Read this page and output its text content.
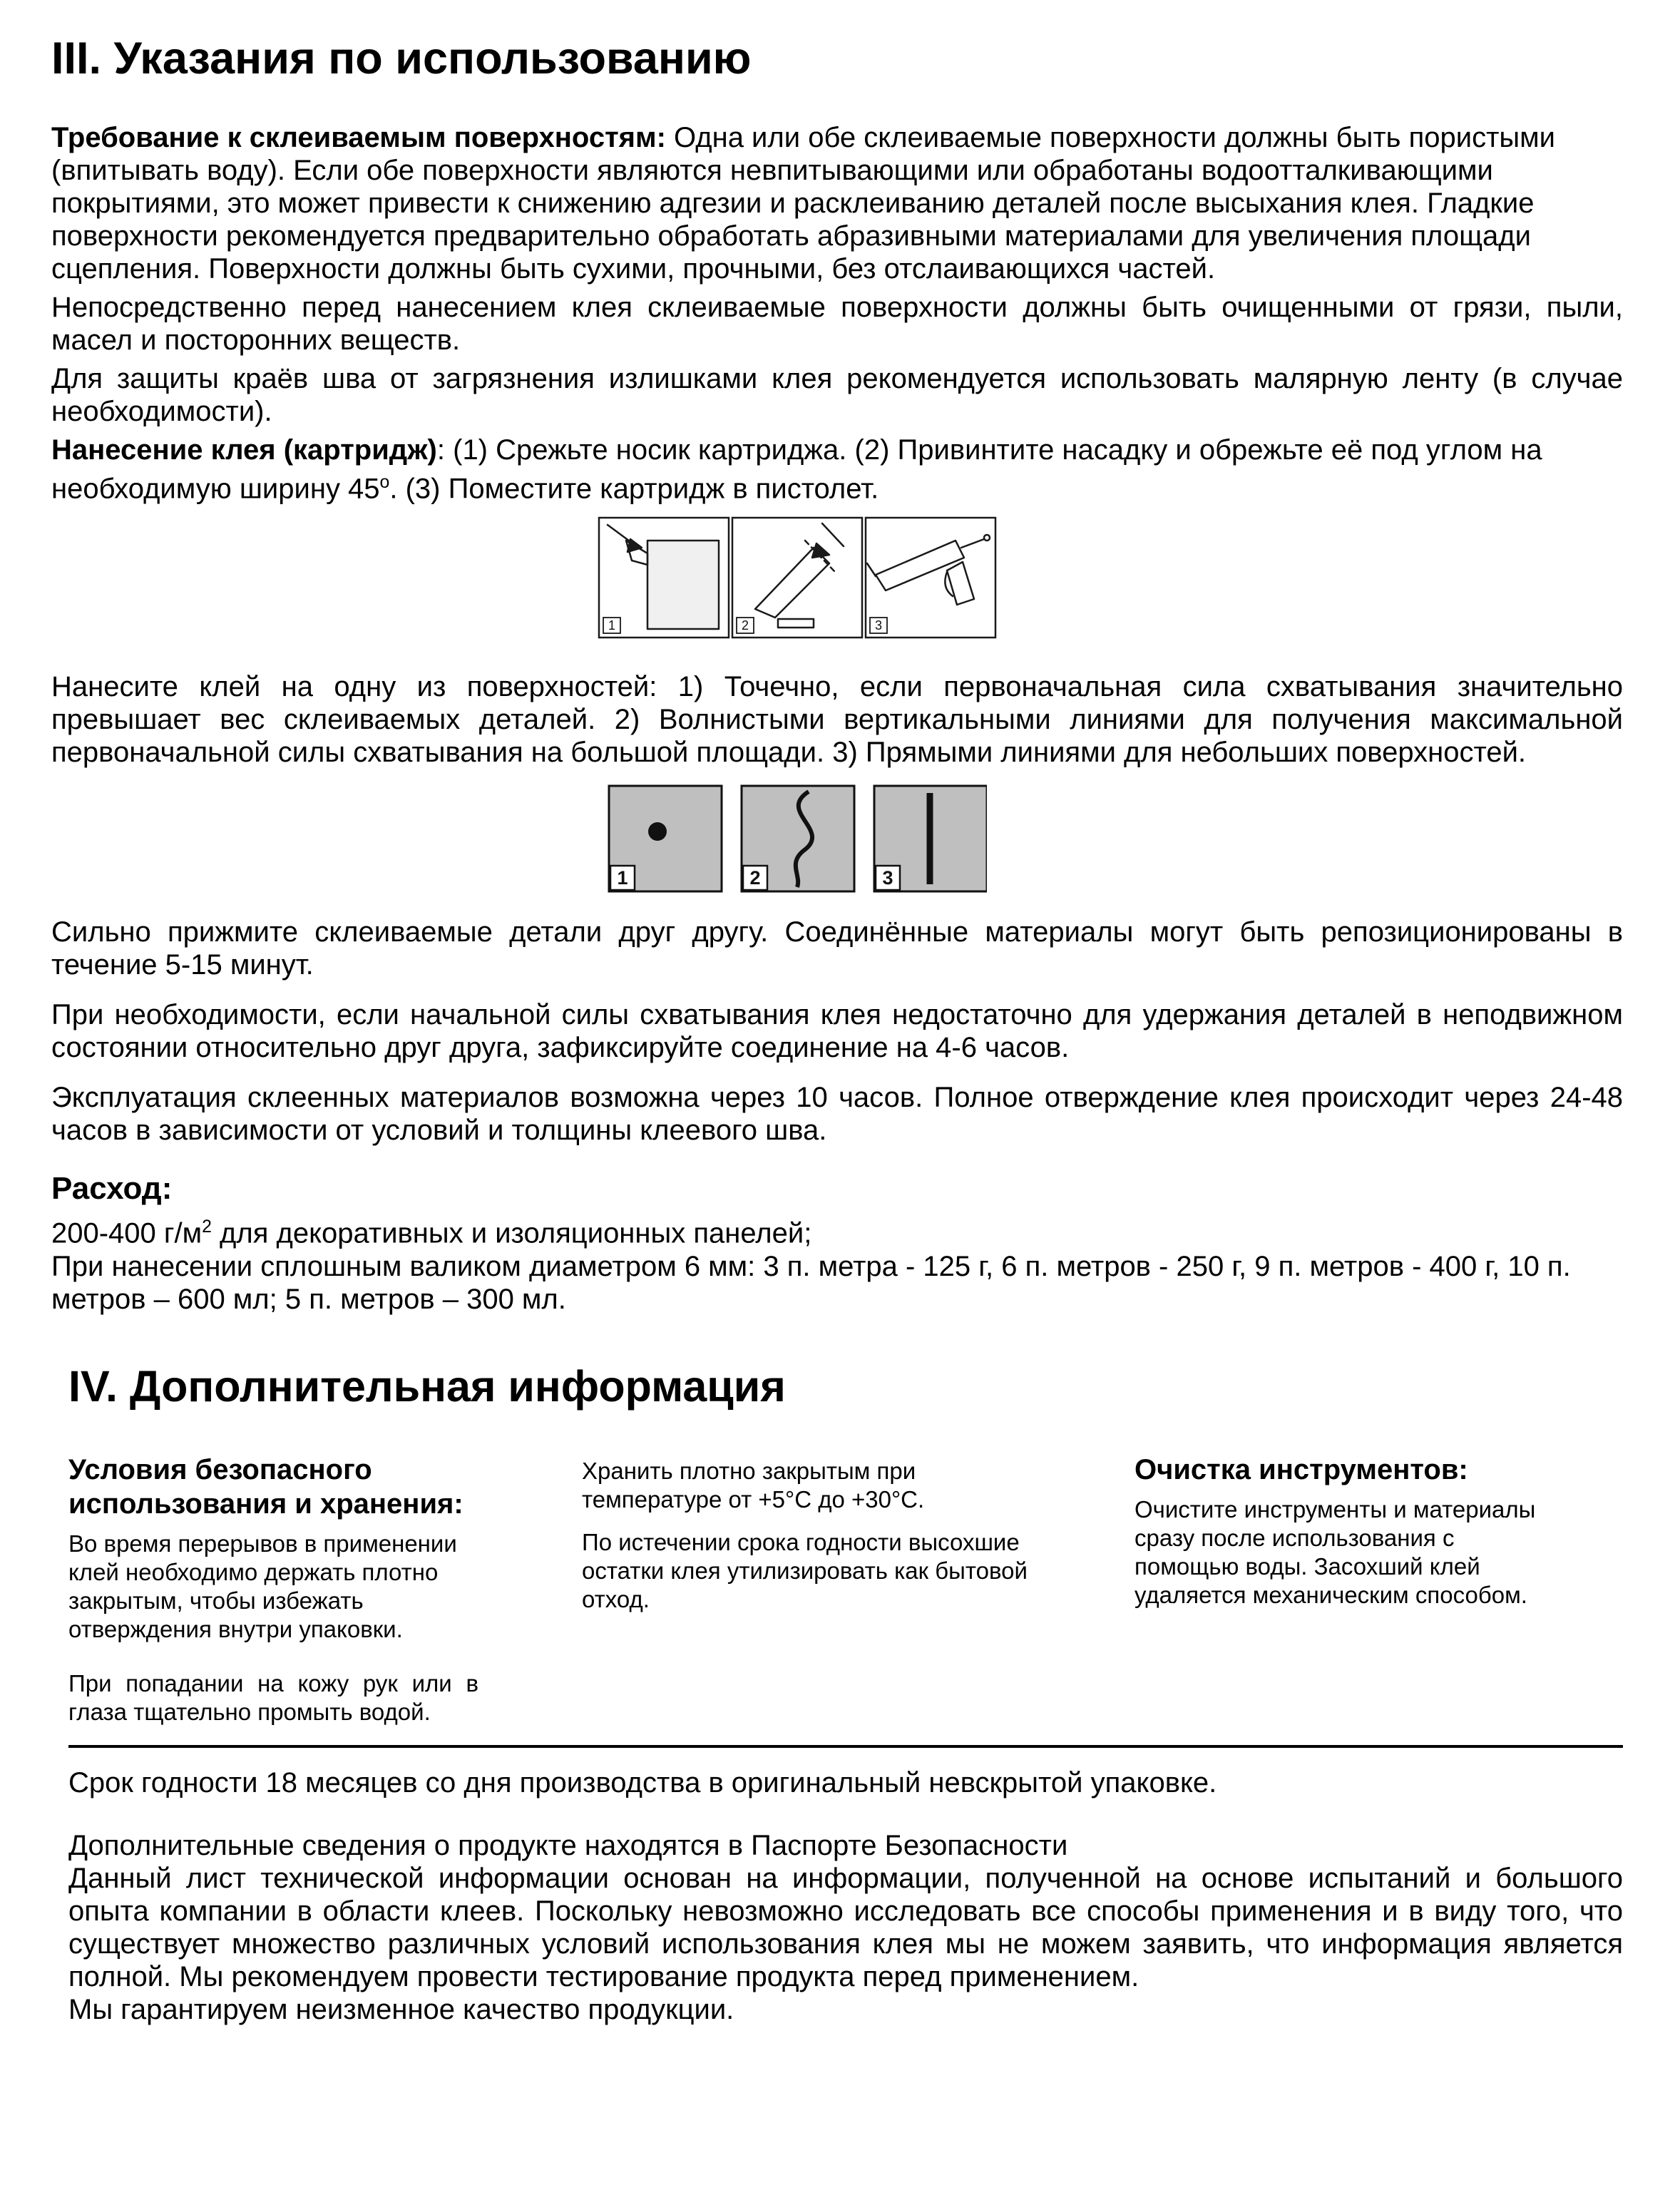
III. Указания по использованию

Требование к склеиваемым поверхностям: Одна или обе склеиваемые поверхности должны быть пористыми (впитывать воду). Если обе поверхности являются невпитывающими или обработаны водоотталкивающими покрытиями, это может привести к снижению адгезии и расклеиванию деталей после высыхания клея. Гладкие поверхности рекомендуется предварительно обработать абразивными материалами для увеличения площади сцепления. Поверхности должны быть сухими, прочными, без отслаивающихся частей.

Непосредственно перед нанесением клея склеиваемые поверхности должны быть очищенными от грязи, пыли, масел и посторонних веществ.

Для защиты краёв шва от загрязнения излишками клея рекомендуется использовать малярную ленту (в случае необходимости).

Нанесение клея (картридж): (1) Срежьте носик картриджа. (2) Привинтите насадку и обрежьте её под углом на необходимую ширину $45^о$. (3) Поместите картридж в пистолет.

1	2	3

Нанесите клей на одну из поверхностей: 1) Точечно, если первоначальная сила схватывания значительно превышает вес склеиваемых деталей. 2) Волнистыми вертикальными линиями для получения максимальной первоначальной силы схватывания на большой площади. 3) Прямыми линиями для небольших поверхностей.

1	2	3

Сильно прижмите склеиваемые детали друг другу. Соединённые материалы могут быть репозиционированы в течение 5-15 минут.

При необходимости, если начальной силы схватывания клея недостаточно для удержания деталей в неподвижном состоянии относительно друг друга, зафиксируйте соединение на 4-6 часов.

Эксплуатация склеенных материалов возможна через 10 часов. Полное отверждение клея происходит через 24-48 часов в зависимости от условий и толщины клеевого шва.

Расход:

200-400 $г/м^2$ для декоративных и изоляционных панелей;
При нанесении сплошным валиком диаметром 6 мм: 3 п. метра - 125 г, 6 п. метров - 250 г, 9 п. метров - 400 г, 10 п. метров – 600 мл; 5 п. метров – 300 мл.

IV. Дополнительная информация
Условия безопасного использования и хранения:

Во время перерывов в применении клей необходимо держать плотно закрытым, чтобы избежать отверждения внутри упаковки.

При попадании на кожу рук или в глаза тщательно промыть водой.

Хранить плотно закрытым при температуре от +5°С до +30°С.

По истечении срока годности высохшие остатки клея утилизировать как бытовой отход.

Очистка инструментов:

Очистите инструменты и материалы сразу после использования с помощью воды. Засохший клей удаляется механическим способом.

Срок годности 18 месяцев со дня производства в оригинальный невскрытой упаковке.

Дополнительные сведения о продукте находятся в Паспорте Безопасности

Данный лист технической информации основан на информации, полученной на основе испытаний и большого опыта компании в области клеев. Поскольку невозможно исследовать все способы применения и в виду того, что существует множество различных условий использования клея мы не можем заявить, что информация является полной. Мы рекомендуем провести тестирование продукта перед применением.

Мы гарантируем неизменное качество продукции.
